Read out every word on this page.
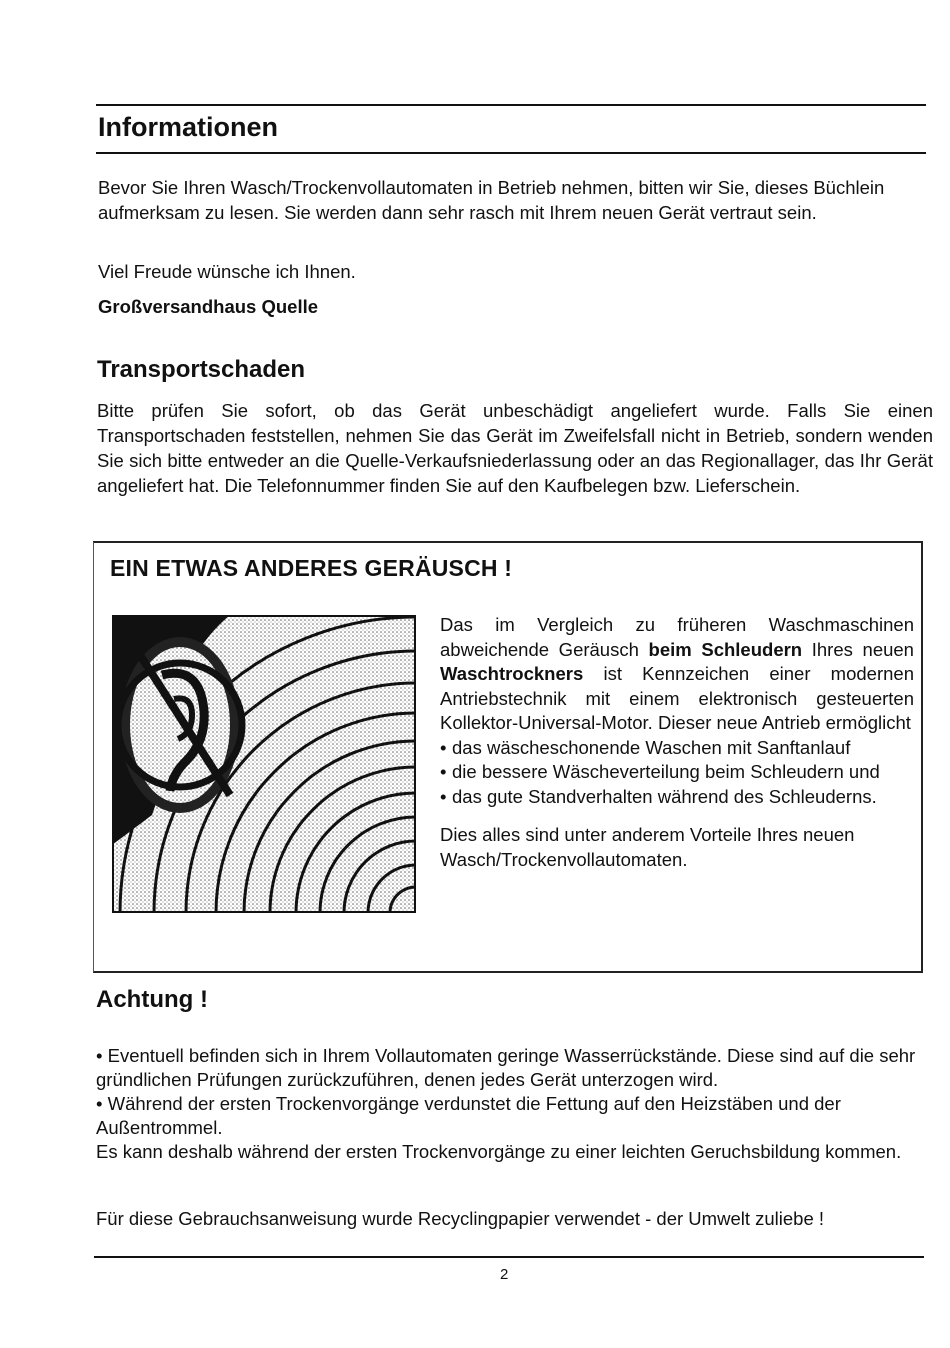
Informationen

Bevor Sie Ihren Wasch/Trockenvollautomaten in Betrieb nehmen, bitten wir Sie, dieses Büchlein aufmerksam zu lesen. Sie werden dann sehr rasch mit Ihrem neuen Gerät vertraut sein.

Viel Freude wünsche ich Ihnen.

Großversandhaus Quelle

Transportschaden

Bitte prüfen Sie sofort, ob das Gerät unbeschädigt angeliefert wurde. Falls Sie einen Transportschaden feststellen, nehmen Sie das Gerät im Zweifelsfall nicht in Betrieb, sondern wenden Sie sich bitte entweder an die Quelle-Verkaufsniederlassung oder an das Regionallager, das Ihr Gerät angeliefert hat. Die Telefonnummer finden Sie auf den Kaufbelegen bzw. Lieferschein.

EIN ETWAS ANDERES GERÄUSCH !

Das im Vergleich zu früheren Waschmaschinen abweichende Geräusch beim Schleudern Ihres neuen Waschtrockners ist Kennzeichen einer modernen Antriebstechnik mit einem elektronisch gesteuerten Kollektor-Universal-Motor. Dieser neue Antrieb ermöglicht

• das wäscheschonende Waschen mit Sanftanlauf
• die bessere Wäscheverteilung beim Schleudern und
• das gute Standverhalten während des Schleuderns.

Dies alles sind unter anderem Vorteile Ihres neuen Wasch/Trockenvollautomaten.

Achtung !

• Eventuell befinden sich in Ihrem Vollautomaten geringe Wasserrückstände. Diese sind auf die sehr gründlichen Prüfungen zurückzuführen, denen jedes Gerät unterzogen wird.

• Während der ersten Trockenvorgänge verdunstet die Fettung auf den Heizstäben und der Außentrommel.

Es kann deshalb während der ersten Trockenvorgänge zu einer leichten Geruchsbildung kommen.

Für diese Gebrauchsanweisung wurde Recyclingpapier verwendet - der Umwelt zuliebe !

2
